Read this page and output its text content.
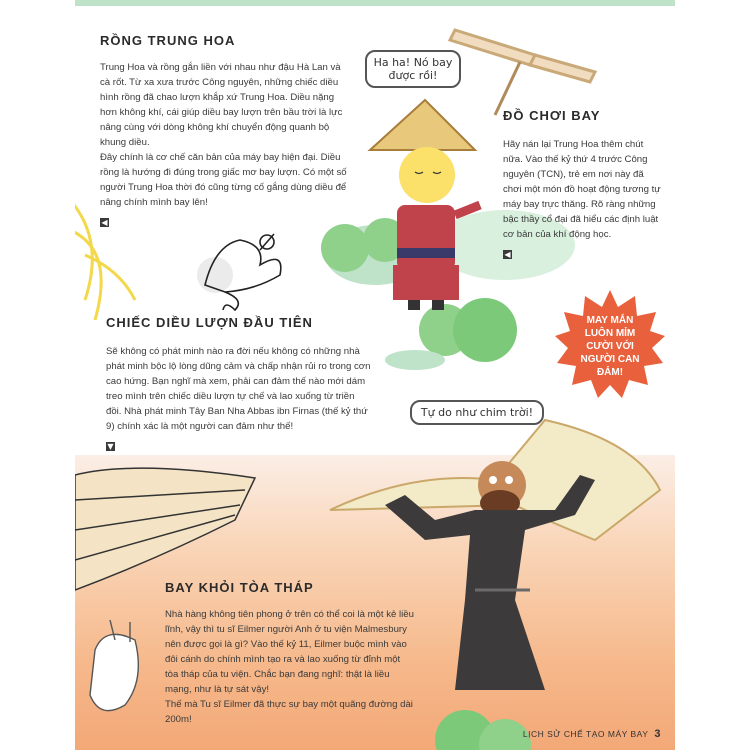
RỒNG TRUNG HOA

Trung Hoa và rồng gắn liền với nhau như đậu Hà Lan và cà rốt. Từ xa xưa trước Công nguyên, những chiếc diều hình rồng đã chao lượn khắp xứ Trung Hoa. Diều nặng hơn không khí, cái giúp diều bay lượn trên bầu trời là lực nâng cùng với dòng không khí chuyển động quanh bộ khung diều.

Đây chính là cơ chế căn bản của máy bay hiện đại. Diều rồng là hướng đi đúng trong giấc mơ bay lượn. Có một số người Trung Hoa thời đó cũng từng cố gắng dùng diều để nâng chính mình bay lên!

◀
ĐỒ CHƠI BAY

Hãy nán lại Trung Hoa thêm chút nữa. Vào thế kỷ thứ 4 trước Công nguyên (TCN), trẻ em nơi này đã chơi một món đồ hoạt động tương tự máy bay trực thăng. Rõ ràng những bậc thầy cổ đại đã hiểu các định luật cơ bản của khí động học.

◀
CHIẾC DIỀU LƯỢN ĐẦU TIÊN

Sẽ không có phát minh nào ra đời nếu không có những nhà phát minh bộc lộ lòng dũng cảm và chấp nhận rủi ro trong cơn cao hứng. Bạn nghĩ mà xem, phải can đảm thế nào mới dám treo mình trên chiếc diều lượn tự chế và lao xuống từ triền đồi. Nhà phát minh Tây Ban Nha Abbas ibn Firnas (thế kỷ thứ 9) chính xác là một người can đảm như thế!

▼
BAY KHỎI TÒA THÁP

Nhà hàng không tiên phong ở trên có thể coi là một kẻ liều lĩnh, vậy thì tu sĩ Eilmer người Anh ở tu viện Malmesbury nên được gọi là gì? Vào thế kỷ 11, Eilmer buộc mình vào đôi cánh do chính mình tạo ra và lao xuống từ đỉnh một tòa tháp của tu viện. Chắc bạn đang nghĩ: thật là liều mạng, như là tự sát vậy!

Thế mà Tu sĩ Eilmer đã thực sự bay một quãng đường dài 200m!

Ha ha! Nó bay được rồi!
Tự do như chim trời!
MAY MẮN LUÔN MỈM CƯỜI VỚI NGƯỜI CAN ĐẢM!
LỊCH SỬ CHẾ TẠO MÁY BAY 3
